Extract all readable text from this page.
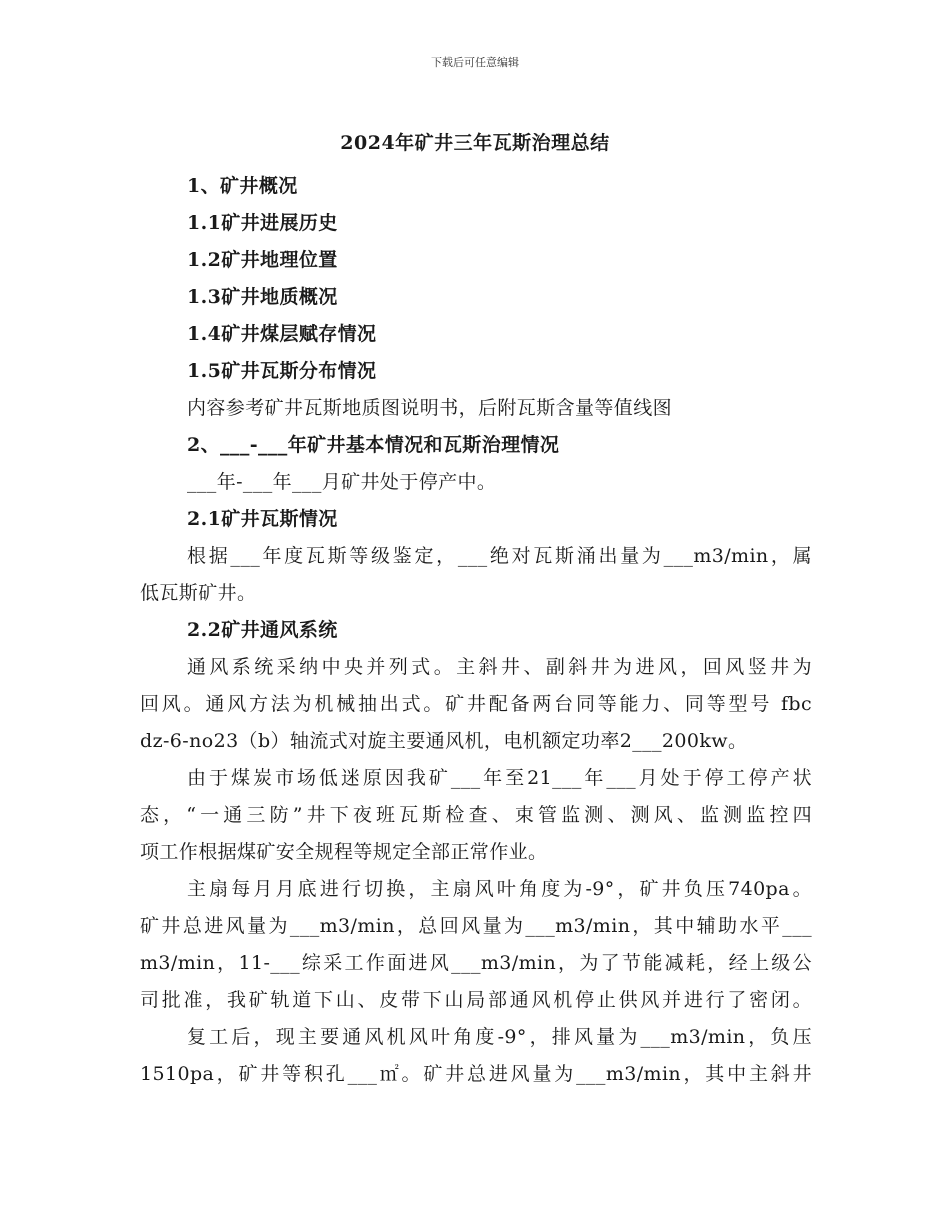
下载后可任意编辑
2024年矿井三年瓦斯治理总结
1、矿井概况
1.1矿井进展历史
1.2矿井地理位置
1.3矿井地质概况
1.4矿井煤层赋存情况
1.5矿井瓦斯分布情况
内容参考矿井瓦斯地质图说明书，后附瓦斯含量等值线图
2、___-___年矿井基本情况和瓦斯治理情况
___年-___年___月矿井处于停产中。
2.1矿井瓦斯情况
根据___年度瓦斯等级鉴定，___绝对瓦斯涌出量为___m3/min，属
低瓦斯矿井。
2.2矿井通风系统
通风系统采纳中央并列式。主斜井、副斜井为进风，回风竖井为
回风。通风方法为机械抽出式。矿井配备两台同等能力、同等型号 fbc
dz-6-no23（b）轴流式对旋主要通风机，电机额定功率2___200kw。
由于煤炭市场低迷原因我矿___年至21___年___月处于停工停产状
态，“一通三防”井下夜班瓦斯检查、束管监测、测风、监测监控四
项工作根据煤矿安全规程等规定全部正常作业。
主扇每月月底进行切换，主扇风叶角度为-9°，矿井负压740pa。
矿井总进风量为___m3/min，总回风量为___m3/min，其中辅助水平___
m3/min，11-___综采工作面进风___m3/min，为了节能减耗，经上级公
司批准，我矿轨道下山、皮带下山局部通风机停止供风并进行了密闭。
复工后，现主要通风机风叶角度-9°，排风量为___m3/min，负压
1510pa，矿井等积孔___㎡。矿井总进风量为___m3/min，其中主斜井
